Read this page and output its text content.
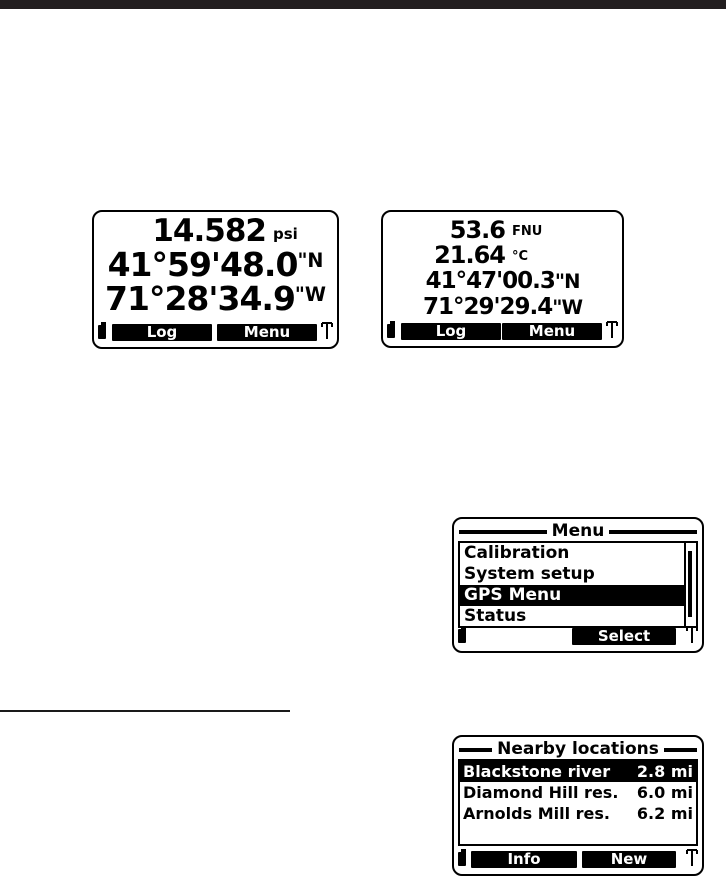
14.582 psi
$41^\circ 59'48.0^{"N}$
$71^\circ 28'34.9^{"W}$
Log	Menu
53.6 FNU
21.64 °C
41°47'00.3"N
71°29'29.4"W
Log	Menu
Menu
Calibration
System setup
GPS Menu
Status
Select
Nearby locations
Blackstone river	2.8 mi
Diamond Hill res.	6.0 mi
Arnolds Mill res.	6.2 mi
Info	New
